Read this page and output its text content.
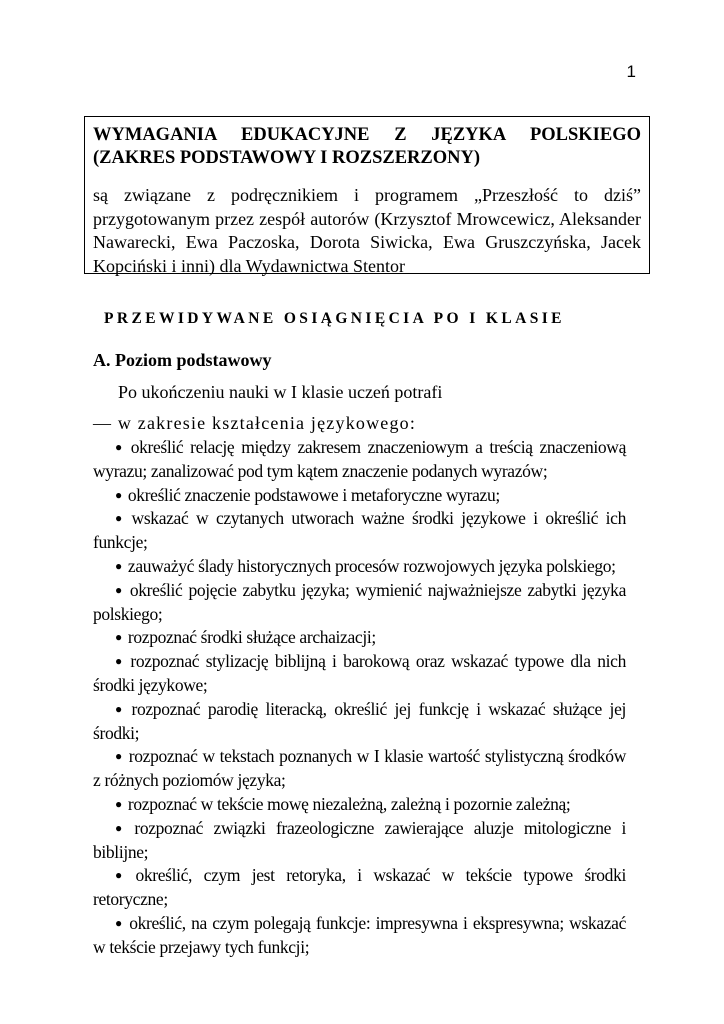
1

WYMAGANIA EDUKACYJNE Z JĘZYKA POLSKIEGO
(ZAKRES PODSTAWOWY I ROZSZERZONY)

są związane z podręcznikiem i programem „Przeszłość to dziś” przygotowanym przez zespół autorów (Krzysztof Mrowcewicz, Aleksander Nawarecki, Ewa Paczoska, Dorota Siwicka, Ewa Gruszczyńska, Jacek Kopciński i inni) dla Wydawnictwa Stentor

PRZEWIDYWANE OSIĄGNIĘCIA PO I KLASIE
A. Poziom podstawowy
Po ukończeniu nauki w I klasie uczeń potrafi
— w zakresie kształcenia językowego:
● określić relację między zakresem znaczeniowym a treścią znaczeniową wyrazu; zanalizować pod tym kątem znaczenie podanych wyrazów;
● określić znaczenie podstawowe i metaforyczne wyrazu;
● wskazać w czytanych utworach ważne środki językowe i określić ich funkcje;
● zauważyć ślady historycznych procesów rozwojowych języka polskiego;
● określić pojęcie zabytku języka; wymienić najważniejsze zabytki języka polskiego;
● rozpoznać środki służące archaizacji;
● rozpoznać stylizację biblijną i barokową oraz wskazać typowe dla nich środki językowe;
● rozpoznać parodię literacką, określić jej funkcję i wskazać służące jej środki;
● rozpoznać w tekstach poznanych w I klasie wartość stylistyczną środków z różnych poziomów języka;
● rozpoznać w tekście mowę niezależną, zależną i pozornie zależną;
● rozpoznać związki frazeologiczne zawierające aluzje mitologiczne i biblijne;
● określić, czym jest retoryka, i wskazać w tekście typowe środki retoryczne;
● określić, na czym polegają funkcje: impresywna i ekspresywna; wskazać w tekście przejawy tych funkcji;
